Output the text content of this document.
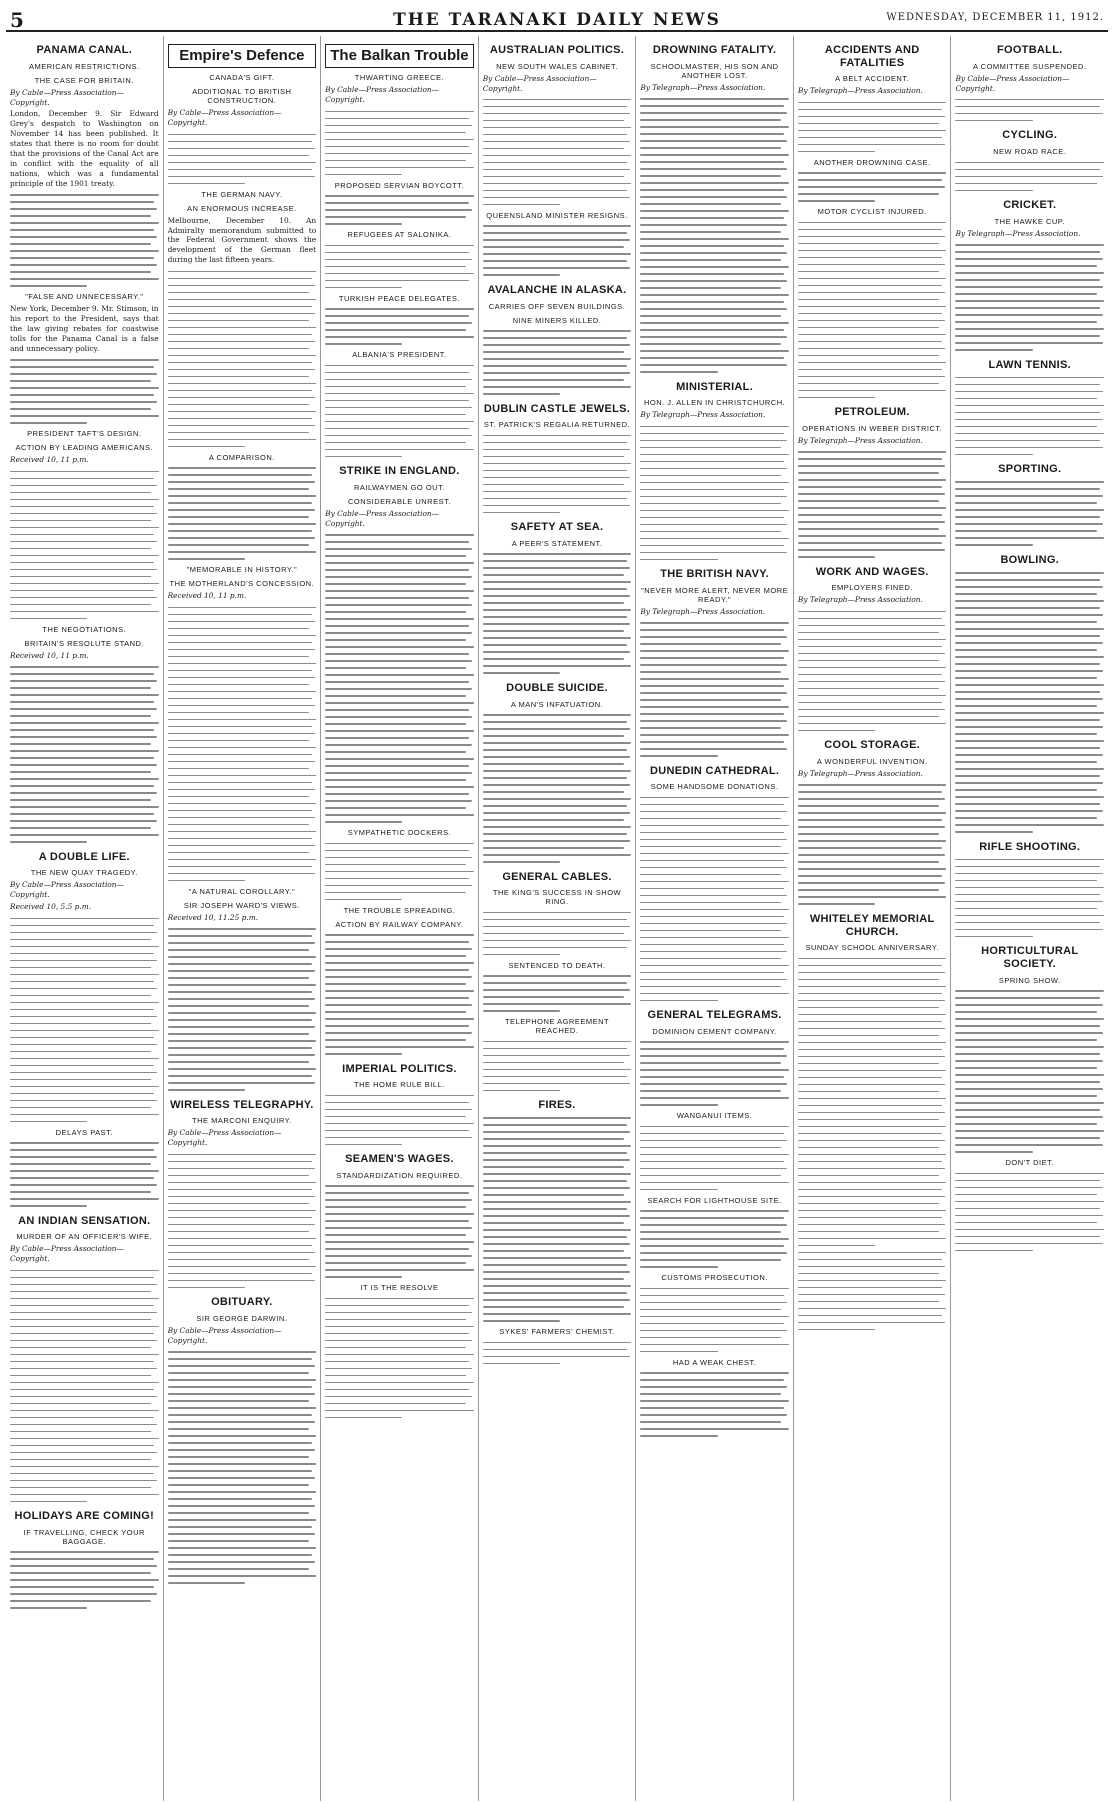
5	THE TARANAKI DAILY NEWS	WEDNESDAY, DECEMBER 11, 1912.
PANAMA CANAL.
AMERICAN RESTRICTIONS.
THE CASE FOR BRITAIN.
By Cable—Press Association—Copyright.

London, December 9. Sir Edward Grey's despatch to Washington on November 14 has been published. It states that there is no room for doubt that the provisions of the Canal Act are in conflict with the equality of all nations, which was a fundamental principle of the 1901 treaty.

"FALSE AND UNNECESSARY."

New York, December 9. Mr. Stimson, in his report to the President, says that the law giving rebates for coastwise tolls for the Panama Canal is a false and unnecessary policy.

PRESIDENT TAFT'S DESIGN.
ACTION BY LEADING AMERICANS.
Received 10, 11 p.m.
THE NEGOTIATIONS.
BRITAIN'S RESOLUTE STAND.
Received 10, 11 p.m.
A DOUBLE LIFE.
THE NEW QUAY TRAGEDY.
By Cable—Press Association—Copyright.
Received 10, 5.5 p.m.
DELAYS PAST.
AN INDIAN SENSATION.
MURDER OF AN OFFICER'S WIFE.
By Cable—Press Association—Copyright.
HOLIDAYS ARE COMING!
IF TRAVELLING, CHECK YOUR BAGGAGE.
Empire's Defence
CANADA'S GIFT.
ADDITIONAL TO BRITISH CONSTRUCTION.
By Cable—Press Association—Copyright.
THE GERMAN NAVY.
AN ENORMOUS INCREASE.

Melbourne, December 10. An Admiralty memorandum submitted to the Federal Government shows the development of the German fleet during the last fifteen years.

A COMPARISON.
"MEMORABLE IN HISTORY."
THE MOTHERLAND'S CONCESSION.
Received 10, 11 p.m.
"A NATURAL COROLLARY."
SIR JOSEPH WARD'S VIEWS.
Received 10, 11.25 p.m.
WIRELESS TELEGRAPHY.
THE MARCONI ENQUIRY.
By Cable—Press Association—Copyright.
OBITUARY.
SIR GEORGE DARWIN.
By Cable—Press Association—Copyright.
The Balkan Trouble
THWARTING GREECE.
By Cable—Press Association—Copyright.
PROPOSED SERVIAN BOYCOTT.
REFUGEES AT SALONIKA.
TURKISH PEACE DELEGATES.
ALBANIA'S PRESIDENT.
STRIKE IN ENGLAND.
RAILWAYMEN GO OUT.
CONSIDERABLE UNREST.
By Cable—Press Association—Copyright.
SYMPATHETIC DOCKERS.
THE TROUBLE SPREADING.
ACTION BY RAILWAY COMPANY.
IMPERIAL POLITICS.
THE HOME RULE BILL.
SEAMEN'S WAGES.
STANDARDIZATION REQUIRED.
IT IS THE RESOLVE
AUSTRALIAN POLITICS.
NEW SOUTH WALES CABINET.
By Cable—Press Association—Copyright.
QUEENSLAND MINISTER RESIGNS.
AVALANCHE IN ALASKA.
CARRIES OFF SEVEN BUILDINGS.
NINE MINERS KILLED.
DUBLIN CASTLE JEWELS.
ST. PATRICK'S REGALIA RETURNED.
SAFETY AT SEA.
A PEER'S STATEMENT.
DOUBLE SUICIDE.
A MAN'S INFATUATION.
GENERAL CABLES.
THE KING'S SUCCESS IN SHOW RING.
SENTENCED TO DEATH.
TELEPHONE AGREEMENT REACHED.
FIRES.
SYKES' FARMERS' CHEMIST.
DROWNING FATALITY.
SCHOOLMASTER, HIS SON AND ANOTHER LOST.
By Telegraph—Press Association.
MINISTERIAL.
HON. J. ALLEN IN CHRISTCHURCH.
By Telegraph—Press Association.
THE BRITISH NAVY.
"NEVER MORE ALERT, NEVER MORE READY."
By Telegraph—Press Association.
DUNEDIN CATHEDRAL.
SOME HANDSOME DONATIONS.
GENERAL TELEGRAMS.
DOMINION CEMENT COMPANY.
WANGANUI ITEMS.
SEARCH FOR LIGHTHOUSE SITE.
CUSTOMS PROSECUTION.
HAD A WEAK CHEST.
ACCIDENTS AND FATALITIES
A BELT ACCIDENT.
By Telegraph—Press Association.
ANOTHER DROWNING CASE.
MOTOR CYCLIST INJURED.
PETROLEUM.
OPERATIONS IN WEBER DISTRICT.
By Telegraph—Press Association.
WORK AND WAGES.
EMPLOYERS FINED.
By Telegraph—Press Association.
COOL STORAGE.
A WONDERFUL INVENTION.
By Telegraph—Press Association.
WHITELEY MEMORIAL CHURCH.
SUNDAY SCHOOL ANNIVERSARY.
FOOTBALL.
A COMMITTEE SUSPENDED.
By Cable—Press Association—Copyright.
CYCLING.
NEW ROAD RACE.
CRICKET.
THE HAWKE CUP.
By Telegraph—Press Association.
LAWN TENNIS.
SPORTING.
BOWLING.
RIFLE SHOOTING.
HORTICULTURAL SOCIETY.
SPRING SHOW.
DON'T DIET.
